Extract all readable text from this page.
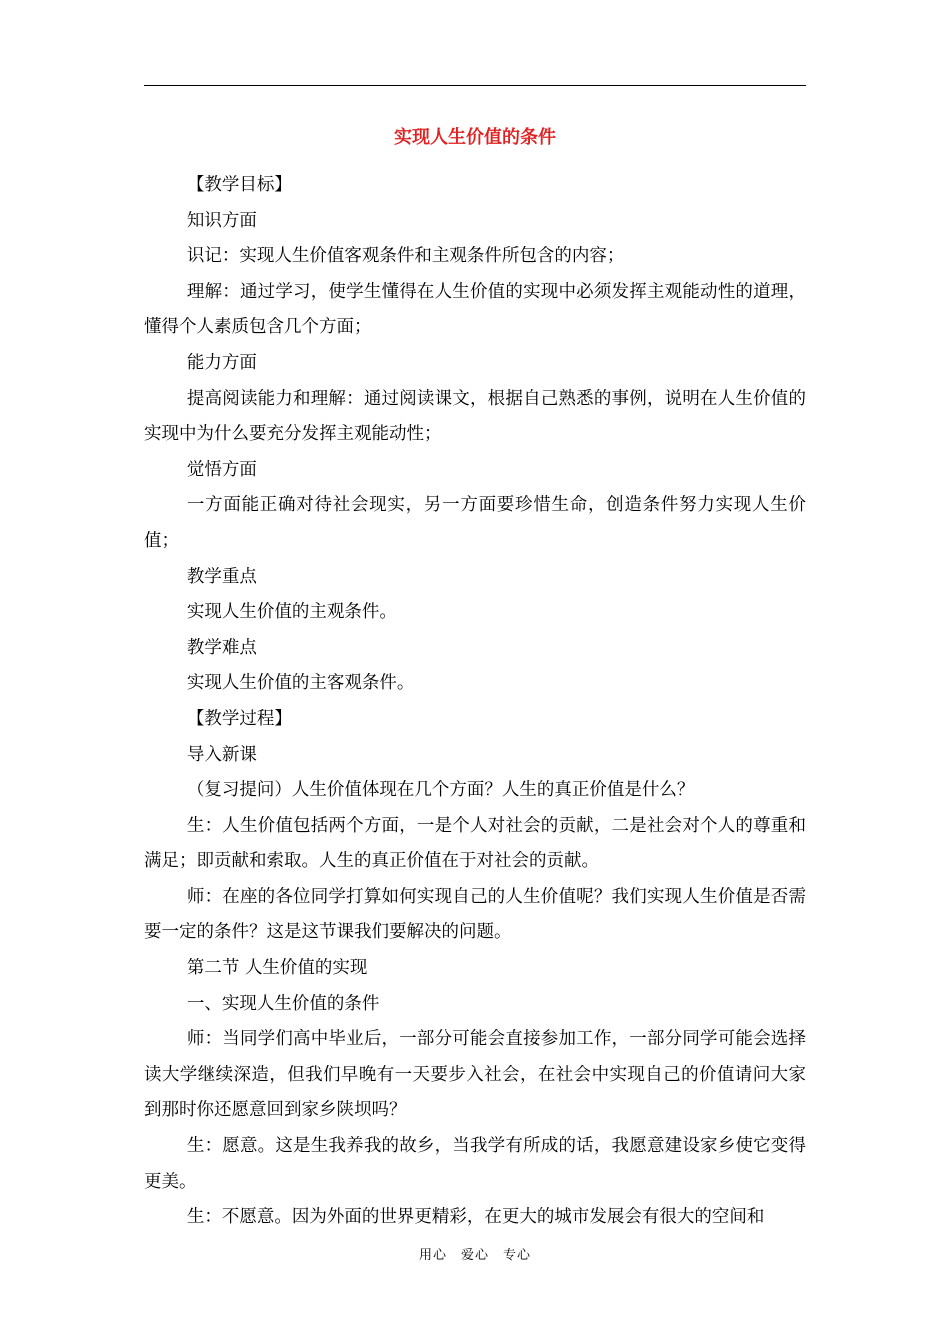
实现人生价值的条件

【教学目标】

知识方面

识记：实现人生价值客观条件和主观条件所包含的内容；

理解：通过学习，使学生懂得在人生价值的实现中必须发挥主观能动性的道理，懂得个人素质包含几个方面；

能力方面

提高阅读能力和理解：通过阅读课文，根据自己熟悉的事例，说明在人生价值的实现中为什么要充分发挥主观能动性；

觉悟方面

一方面能正确对待社会现实，另一方面要珍惜生命，创造条件努力实现人生价值；

教学重点

实现人生价值的主观条件。

教学难点

实现人生价值的主客观条件。

【教学过程】

导入新课

（复习提问）人生价值体现在几个方面？人生的真正价值是什么？

生：人生价值包括两个方面，一是个人对社会的贡献，二是社会对个人的尊重和满足；即贡献和索取。人生的真正价值在于对社会的贡献。

师：在座的各位同学打算如何实现自己的人生价值呢？我们实现人生价值是否需要一定的条件？这是这节课我们要解决的问题。

第二节 人生价值的实现

一、实现人生价值的条件

师：当同学们高中毕业后，一部分可能会直接参加工作，一部分同学可能会选择读大学继续深造，但我们早晚有一天要步入社会，在社会中实现自己的价值请问大家到那时你还愿意回到家乡陕坝吗？

生：愿意。这是生我养我的故乡，当我学有所成的话，我愿意建设家乡使它变得更美。

生：不愿意。因为外面的世界更精彩，在更大的城市发展会有很大的空间和

用心　爱心　专心
